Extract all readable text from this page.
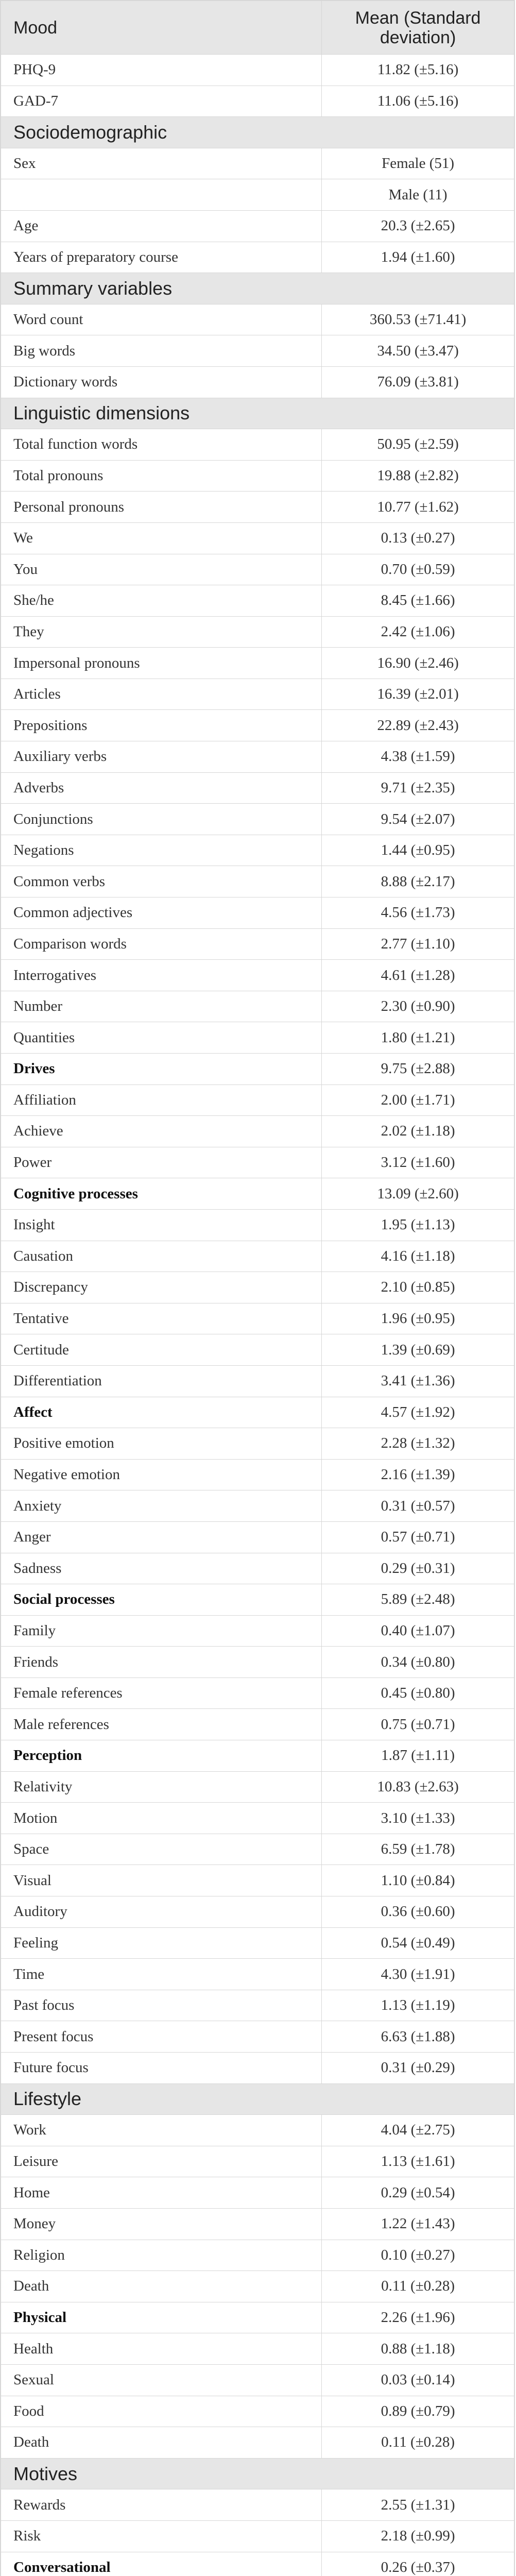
Mood	Mean (Standard deviation)
PHQ-9	11.82 (±5.16)
GAD-7	11.06 (±5.16)
Sociodemographic	
Sex	Female (51)
	Male (11)
Age	20.3 (±2.65)
Years of preparatory course	1.94 (±1.60)
Summary variables	
Word count	360.53 (±71.41)
Big words	34.50 (±3.47)
Dictionary words	76.09 (±3.81)
Linguistic dimensions	
Total function words	50.95 (±2.59)
Total pronouns	19.88 (±2.82)
Personal pronouns	10.77 (±1.62)
We	0.13 (±0.27)
You	0.70 (±0.59)
She/he	8.45 (±1.66)
They	2.42 (±1.06)
Impersonal pronouns	16.90 (±2.46)
Articles	16.39 (±2.01)
Prepositions	22.89 (±2.43)
Auxiliary verbs	4.38 (±1.59)
Adverbs	9.71 (±2.35)
Conjunctions	9.54 (±2.07)
Negations	1.44 (±0.95)
Common verbs	8.88 (±2.17)
Common adjectives	4.56 (±1.73)
Comparison words	2.77 (±1.10)
Interrogatives	4.61 (±1.28)
Number	2.30 (±0.90)
Quantities	1.80 (±1.21)
Drives	9.75 (±2.88)
Affiliation	2.00 (±1.71)
Achieve	2.02 (±1.18)
Power	3.12 (±1.60)
Cognitive processes	13.09 (±2.60)
Insight	1.95 (±1.13)
Causation	4.16 (±1.18)
Discrepancy	2.10 (±0.85)
Tentative	1.96 (±0.95)
Certitude	1.39 (±0.69)
Differentiation	3.41 (±1.36)
Affect	4.57 (±1.92)
Positive emotion	2.28 (±1.32)
Negative emotion	2.16 (±1.39)
Anxiety	0.31 (±0.57)
Anger	0.57 (±0.71)
Sadness	0.29 (±0.31)
Social processes	5.89 (±2.48)
Family	0.40 (±1.07)
Friends	0.34 (±0.80)
Female references	0.45 (±0.80)
Male references	0.75 (±0.71)
Perception	1.87 (±1.11)
Relativity	10.83 (±2.63)
Motion	3.10 (±1.33)
Space	6.59 (±1.78)
Visual	1.10 (±0.84)
Auditory	0.36 (±0.60)
Feeling	0.54 (±0.49)
Time	4.30 (±1.91)
Past focus	1.13 (±1.19)
Present focus	6.63 (±1.88)
Future focus	0.31 (±0.29)
Lifestyle	
Work	4.04 (±2.75)
Leisure	1.13 (±1.61)
Home	0.29 (±0.54)
Money	1.22 (±1.43)
Religion	0.10 (±0.27)
Death	0.11 (±0.28)
Physical	2.26 (±1.96)
Health	0.88 (±1.18)
Sexual	0.03 (±0.14)
Food	0.89 (±0.79)
Death	0.11 (±0.28)
Motives	
Rewards	2.55 (±1.31)
Risk	2.18 (±0.99)
Conversational	0.26 (±0.37)
